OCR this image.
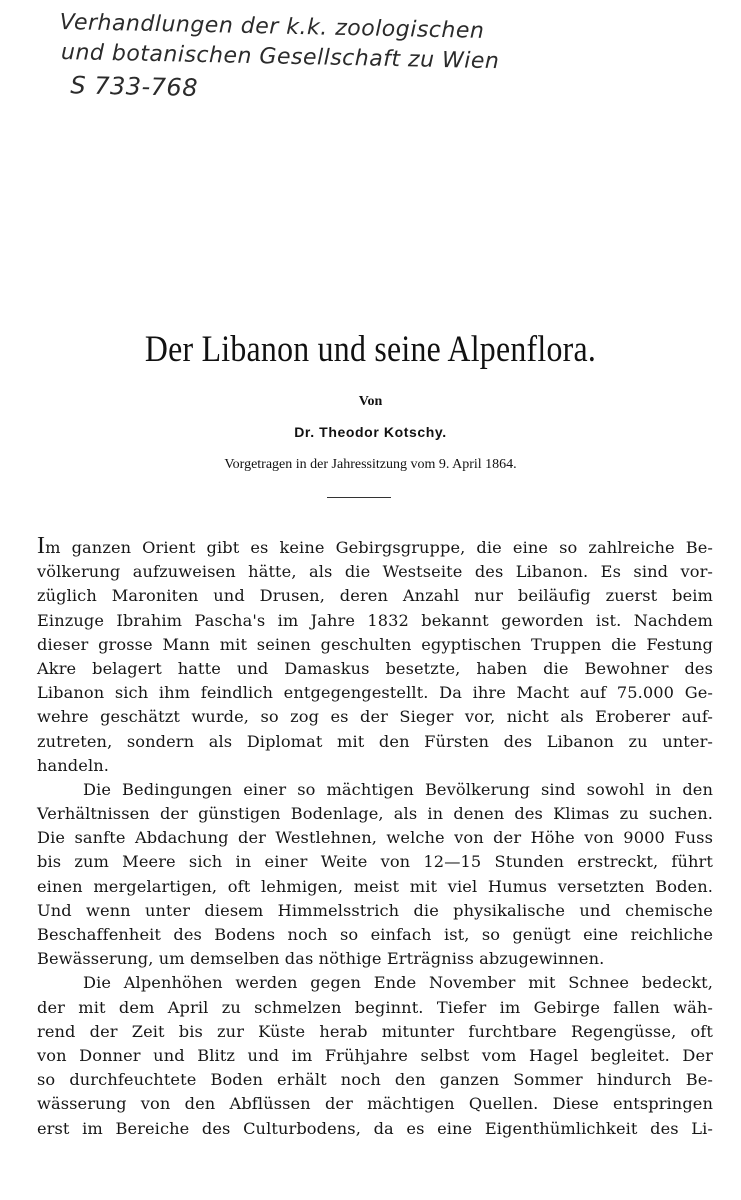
Verhandlungen der k.k. zoologischen
und botanischen Gesellschaft zu Wien
S 733-768
Der Libanon und seine Alpenflora.
Von
Dr. Theodor Kotschy.
Vorgetragen in der Jahressitzung vom 9. April 1864.
Im ganzen Orient gibt es keine Gebirgsgruppe, die eine so zahlreiche Be-
völkerung aufzuweisen hätte, als die Westseite des Libanon. Es sind vor-
züglich Maroniten und Drusen, deren Anzahl nur beiläufig zuerst beim
Einzuge Ibrahim Pascha's im Jahre 1832 bekannt geworden ist. Nachdem
dieser grosse Mann mit seinen geschulten egyptischen Truppen die Festung
Akre belagert hatte und Damaskus besetzte, haben die Bewohner des
Libanon sich ihm feindlich entgegengestellt. Da ihre Macht auf 75.000 Ge-
wehre geschätzt wurde, so zog es der Sieger vor, nicht als Eroberer auf-
zutreten, sondern als Diplomat mit den Fürsten des Libanon zu unter-
handeln.
Die Bedingungen einer so mächtigen Bevölkerung sind sowohl in den
Verhältnissen der günstigen Bodenlage, als in denen des Klimas zu suchen.
Die sanfte Abdachung der Westlehnen, welche von der Höhe von 9000 Fuss
bis zum Meere sich in einer Weite von 12—15 Stunden erstreckt, führt
einen mergelartigen, oft lehmigen, meist mit viel Humus versetzten Boden.
Und wenn unter diesem Himmelsstrich die physikalische und chemische
Beschaffenheit des Bodens noch so einfach ist, so genügt eine reichliche
Bewässerung, um demselben das nöthige Erträgniss abzugewinnen.
Die Alpenhöhen werden gegen Ende November mit Schnee bedeckt,
der mit dem April zu schmelzen beginnt. Tiefer im Gebirge fallen wäh-
rend der Zeit bis zur Küste herab mitunter furchtbare Regengüsse, oft
von Donner und Blitz und im Frühjahre selbst vom Hagel begleitet. Der
so durchfeuchtete Boden erhält noch den ganzen Sommer hindurch Be-
wässerung von den Abflüssen der mächtigen Quellen. Diese entspringen
erst im Bereiche des Culturbodens, da es eine Eigenthümlichkeit des Li-
